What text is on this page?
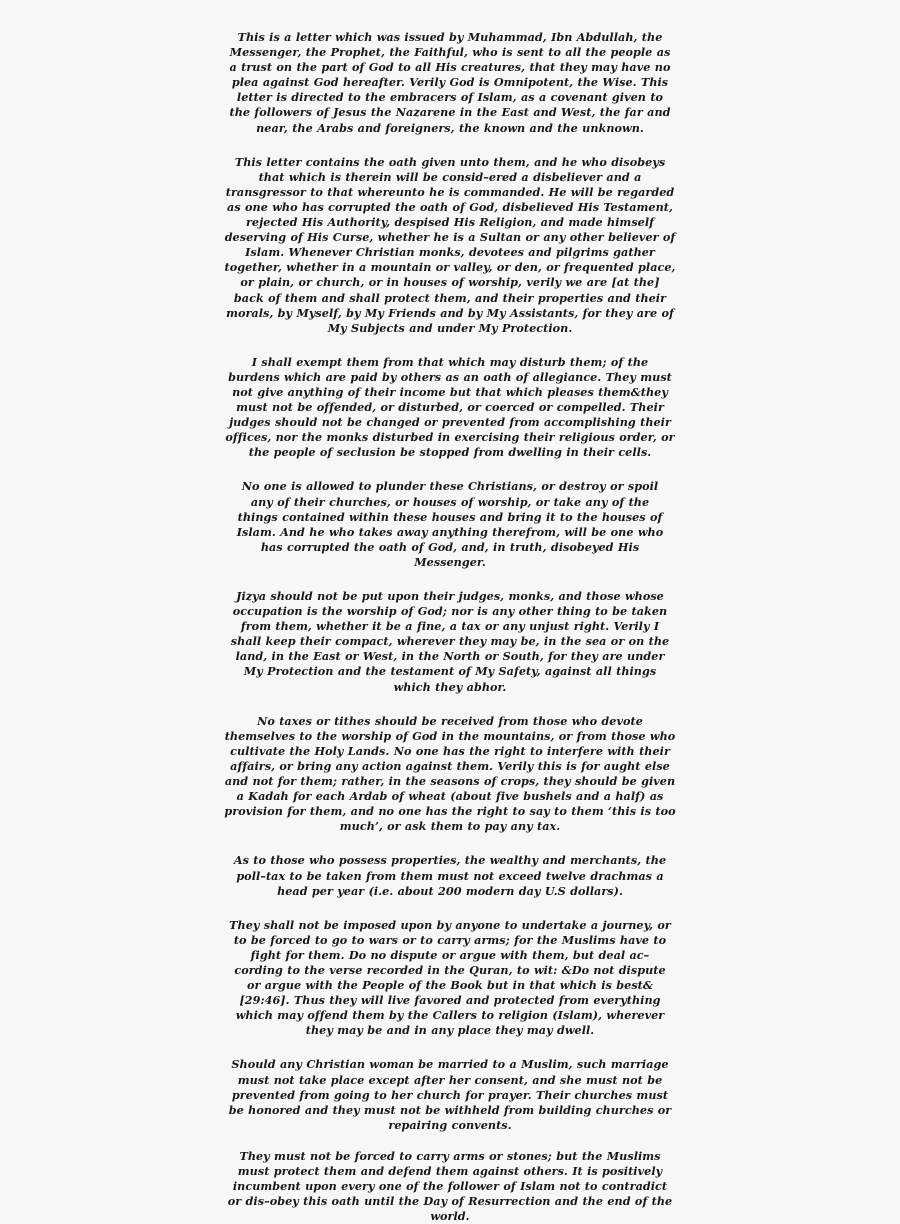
This is a letter which was issued by Muhammad, Ibn Abdullah, the Messenger, the Prophet, the Faithful, who is sent to all the people as a trust on the part of God to all His creatures, that they may have no plea against God hereafter. Verily God is Omnipotent, the Wise. This letter is directed to the embracers of Islam, as a covenant given to the followers of Jesus the Nazarene in the East and West, the far and near, the Arabs and foreigners, the known and the unknown.

This letter contains the oath given unto them, and he who disobeys that which is therein will be consid–ered a disbeliever and a transgressor to that whereunto he is commanded. He will be regarded as one who has corrupted the oath of God, disbelieved His Testament, rejected His Authority, despised His Religion, and made himself deserving of His Curse, whether he is a Sultan or any other believer of Islam. Whenever Christian monks, devotees and pilgrims gather together, whether in a mountain or valley, or den, or frequented place, or plain, or church, or in houses of worship, verily we are [at the] back of them and shall protect them, and their properties and their morals, by Myself, by My Friends and by My Assistants, for they are of My Subjects and under My Protection.

I shall exempt them from that which may disturb them; of the burdens which are paid by others as an oath of allegiance. They must not give anything of their income but that which pleases them&they must not be offended, or disturbed, or coerced or compelled. Their judges should not be changed or prevented from accomplishing their offices, nor the monks disturbed in exercising their religious order, or the people of seclusion be stopped from dwelling in their cells.

No one is allowed to plunder these Christians, or destroy or spoil any of their churches, or houses of worship, or take any of the things contained within these houses and bring it to the houses of Islam. And he who takes away anything therefrom, will be one who has corrupted the oath of God, and, in truth, disobeyed His Messenger.

Jizya should not be put upon their judges, monks, and those whose occupation is the worship of God; nor is any other thing to be taken from them, whether it be a fine, a tax or any unjust right. Verily I shall keep their compact, wherever they may be, in the sea or on the land, in the East or West, in the North or South, for they are under My Protection and the testament of My Safety, against all things which they abhor.

No taxes or tithes should be received from those who devote themselves to the worship of God in the mountains, or from those who cultivate the Holy Lands. No one has the right to interfere with their affairs, or bring any action against them. Verily this is for aught else and not for them; rather, in the seasons of crops, they should be given a Kadah for each Ardab of wheat (about five bushels and a half) as provision for them, and no one has the right to say to them ‘this is too much’, or ask them to pay any tax.

As to those who possess properties, the wealthy and merchants, the poll–tax to be taken from them must not exceed twelve drachmas a head per year (i.e. about 200 modern day U.S dollars).

They shall not be imposed upon by anyone to undertake a journey, or to be forced to go to wars or to carry arms; for the Muslims have to fight for them. Do no dispute or argue with them, but deal ac–cording to the verse recorded in the Quran, to wit: &Do not dispute or argue with the People of the Book but in that which is best& [29:46]. Thus they will live favored and protected from everything which may offend them by the Callers to religion (Islam), wherever they may be and in any place they may dwell.

Should any Christian woman be married to a Muslim, such marriage must not take place except after her consent, and she must not be prevented from going to her church for prayer. Their churches must be honored and they must not be withheld from building churches or repairing convents.

They must not be forced to carry arms or stones; but the Muslims must protect them and defend them against others. It is positively incumbent upon every one of the follower of Islam not to contradict or dis–obey this oath until the Day of Resurrection and the end of the world.
